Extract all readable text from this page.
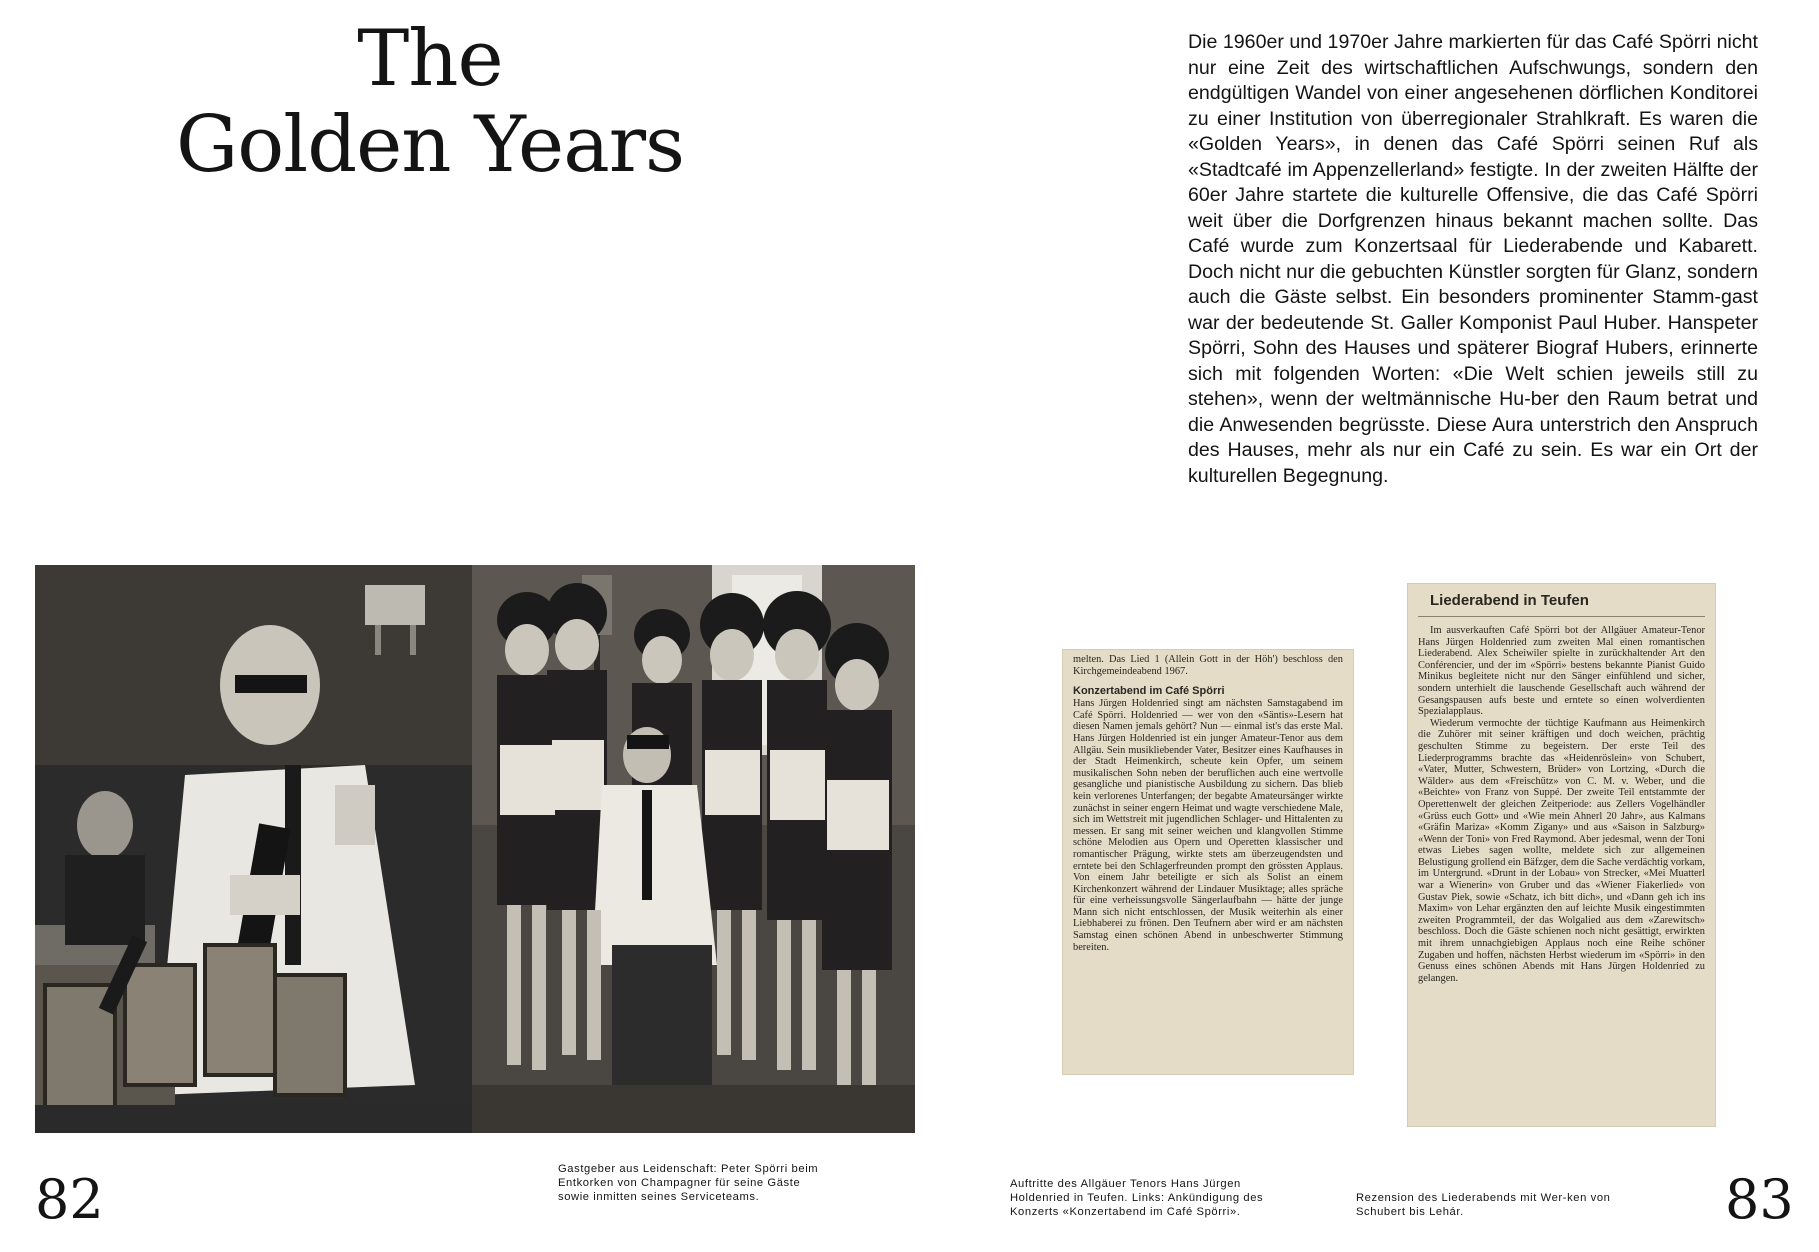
The
Golden Years

Die 1960er und 1970er Jahre markierten für das Café Spörri nicht nur eine Zeit des wirtschaftlichen Aufschwungs, sondern den endgültigen Wandel von einer angesehenen dörflichen Konditorei zu einer Institution von überregionaler Strahlkraft. Es waren die «Golden Years», in denen das Café Spörri seinen Ruf als «Stadtcafé im Appenzellerland» festigte. In der zweiten Hälfte der 60er Jahre startete die kulturelle Offensive, die das Café Spörri weit über die Dorfgrenzen hinaus bekannt machen sollte. Das Café wurde zum Konzertsaal für Liederabende und Kabarett. Doch nicht nur die gebuchten Künstler sorgten für Glanz, sondern auch die Gäste selbst. Ein besonders prominenter Stamm-gast war der bedeutende St. Galler Komponist Paul Huber. Hanspeter Spörri, Sohn des Hauses und späterer Biograf Hubers, erinnerte sich mit folgenden Worten: «Die Welt schien jeweils still zu stehen», wenn der weltmännische Hu-ber den Raum betrat und die Anwesenden begrüsste. Diese Aura unterstrich den Anspruch des Hauses, mehr als nur ein Café zu sein. Es war ein Ort der kulturellen Begegnung.

melten. Das Lied 1 (Allein Gott in der Höh') beschloss den Kirchgemeindeabend 1967.

Konzertabend im Café Spörri

Hans Jürgen Holdenried singt am nächsten Samstagabend im Café Spörri. Holdenried — wer von den «Säntis»-Lesern hat diesen Namen jemals gehört? Nun — einmal ist's das erste Mal. Hans Jürgen Holdenried ist ein junger Amateur-Tenor aus dem Allgäu. Sein musikliebender Vater, Besitzer eines Kaufhauses in der Stadt Heimenkirch, scheute kein Opfer, um seinem musikalischen Sohn neben der beruflichen auch eine wertvolle gesangliche und pianistische Ausbildung zu sichern. Das blieb kein verlorenes Unterfangen; der begabte Amateursänger wirkte zunächst in seiner engern Heimat und wagte verschiedene Male, sich im Wettstreit mit jugendlichen Schlager- und Hittalenten zu messen. Er sang mit seiner weichen und klangvollen Stimme schöne Melodien aus Opern und Operetten klassischer und romantischer Prägung, wirkte stets am überzeugendsten und erntete bei den Schlagerfreunden prompt den grössten Applaus. Von einem Jahr beteiligte er sich als Solist an einem Kirchenkonzert während der Lindauer Musiktage; alles spräche für eine verheissungsvolle Sängerlaufbahn — hätte der junge Mann sich nicht entschlossen, der Musik weiterhin als einer Liebhaberei zu frönen. Den Teufnern aber wird er am nächsten Samstag einen schönen Abend in unbeschwerter Stimmung bereiten.

Liederabend in Teufen

Im ausverkauften Café Spörri bot der Allgäuer Amateur-Tenor Hans Jürgen Holdenried zum zweiten Mal einen romantischen Liederabend. Alex Scheiwiler spielte in zurückhaltender Art den Conférencier, und der im «Spörri» bestens bekannte Pianist Guido Minikus begleitete nicht nur den Sänger einfühlend und sicher, sondern unterhielt die lauschende Gesellschaft auch während der Gesangspausen aufs beste und erntete so einen wolverdienten Spezialapplaus.

Wiederum vermochte der tüchtige Kaufmann aus Heimenkirch die Zuhörer mit seiner kräftigen und doch weichen, prächtig geschulten Stimme zu begeistern. Der erste Teil des Liederprogramms brachte das «Heidenröslein» von Schubert, «Vater, Mutter, Schwestern, Brüder» von Lortzing, «Durch die Wälder» aus dem «Freischütz» von C. M. v. Weber, und die «Beichte» von Franz von Suppé. Der zweite Teil entstammte der Operettenwelt der gleichen Zeitperiode: aus Zellers Vogelhändler «Grüss euch Gott» und «Wie mein Ahnerl 20 Jahr», aus Kalmans «Gräfin Mariza» «Komm Zigany» und aus «Saison in Salzburg» «Wenn der Toni» von Fred Raymond. Aber jedesmal, wenn der Toni etwas Liebes sagen wollte, meldete sich zur allgemeinen Belustigung grollend ein Bäfzger, dem die Sache verdächtig vorkam, im Untergrund. «Drunt in der Lobau» von Strecker, «Mei Muatterl war a Wienerin» von Gruber und das «Wiener Fiakerlied» von Gustav Piek, sowie «Schatz, ich bitt dich», und «Dann geh ich ins Maxim» von Lehar ergänzten den auf leichte Musik eingestimmten zweiten Programmteil, der das Wolgalied aus dem «Zarewitsch» beschloss. Doch die Gäste schienen noch nicht gesättigt, erwirkten mit ihrem unnachgiebigen Applaus noch eine Reihe schöner Zugaben und hoffen, nächsten Herbst wiederum im «Spörri» in den Genuss eines schönen Abends mit Hans Jürgen Holdenried zu gelangen.

82	83
Gastgeber aus Leidenschaft: Peter Spörri beim Entkorken von Champagner für seine Gäste sowie inmitten seines Serviceteams.
Auftritte des Allgäuer Tenors Hans Jürgen Holdenried in Teufen. Links: Ankündigung des Konzerts «Konzertabend im Café Spörri».
Rezension des Liederabends mit Wer-ken von Schubert bis Lehár.
